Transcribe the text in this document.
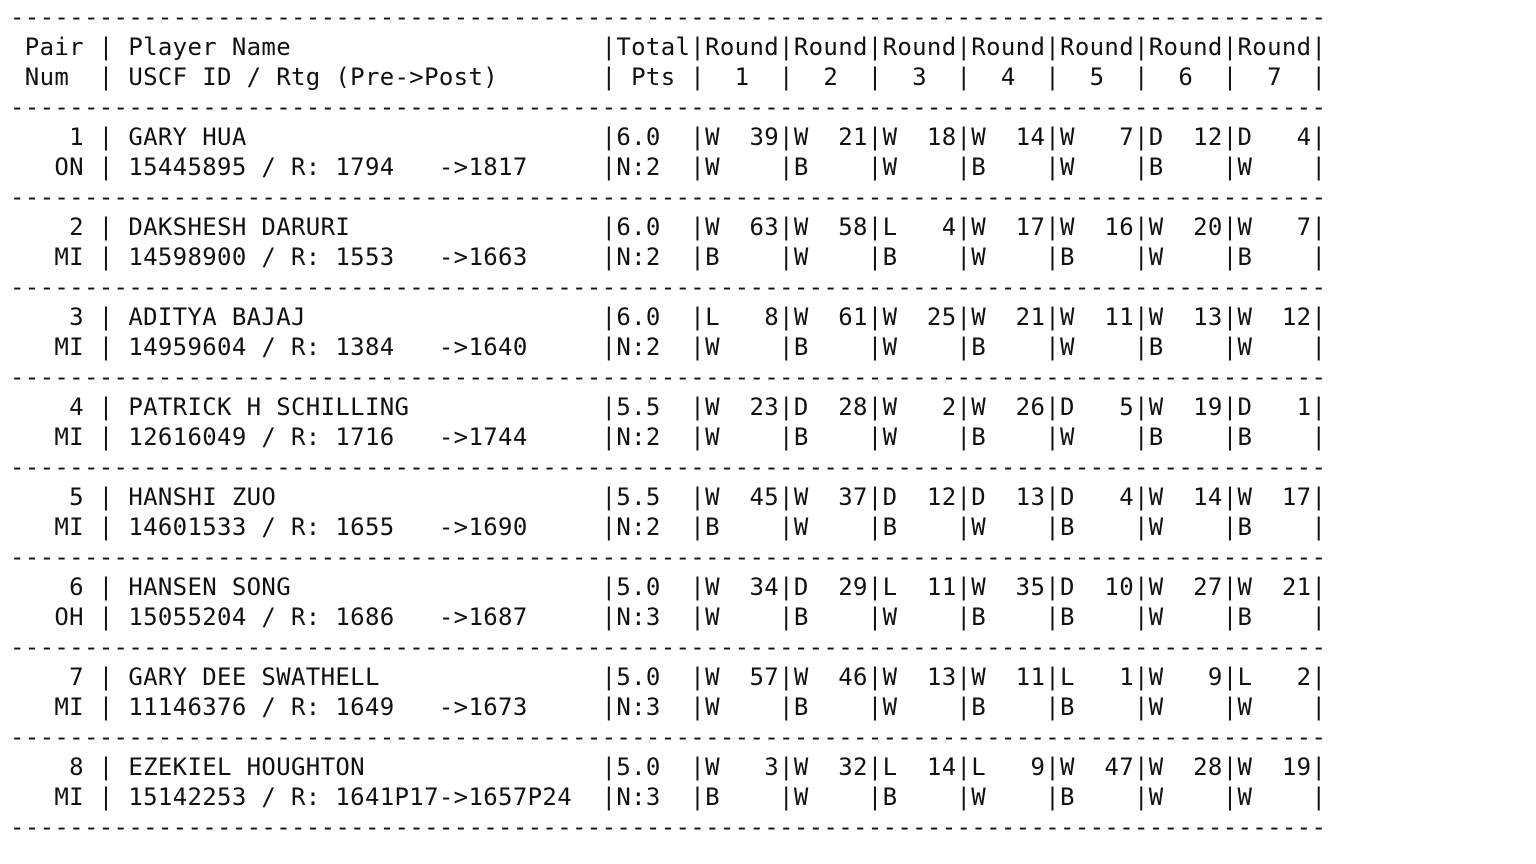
-----------------------------------------------------------------------------------------
Pair | Player Name                     |Total|Round|Round|Round|Round|Round|Round|Round|
Num  | USCF ID / Rtg (Pre->Post)       | Pts |  1  |  2  |  3  |  4  |  5  |  6  |  7  |
-----------------------------------------------------------------------------------------
1 | GARY HUA                        |6.0  |W  39|W  21|W  18|W  14|W   7|D  12|D   4|
ON | 15445895 / R: 1794   ->1817     |N:2  |W    |B    |W    |B    |W    |B    |W    |
-----------------------------------------------------------------------------------------
2 | DAKSHESH DARURI                 |6.0  |W  63|W  58|L   4|W  17|W  16|W  20|W   7|
MI | 14598900 / R: 1553   ->1663     |N:2  |B    |W    |B    |W    |B    |W    |B    |
-----------------------------------------------------------------------------------------
3 | ADITYA BAJAJ                    |6.0  |L   8|W  61|W  25|W  21|W  11|W  13|W  12|
MI | 14959604 / R: 1384   ->1640     |N:2  |W    |B    |W    |B    |W    |B    |W    |
-----------------------------------------------------------------------------------------
4 | PATRICK H SCHILLING             |5.5  |W  23|D  28|W   2|W  26|D   5|W  19|D   1|
MI | 12616049 / R: 1716   ->1744     |N:2  |W    |B    |W    |B    |W    |B    |B    |
-----------------------------------------------------------------------------------------
5 | HANSHI ZUO                      |5.5  |W  45|W  37|D  12|D  13|D   4|W  14|W  17|
MI | 14601533 / R: 1655   ->1690     |N:2  |B    |W    |B    |W    |B    |W    |B    |
-----------------------------------------------------------------------------------------
6 | HANSEN SONG                     |5.0  |W  34|D  29|L  11|W  35|D  10|W  27|W  21|
OH | 15055204 / R: 1686   ->1687     |N:3  |W    |B    |W    |B    |B    |W    |B    |
-----------------------------------------------------------------------------------------
7 | GARY DEE SWATHELL               |5.0  |W  57|W  46|W  13|W  11|L   1|W   9|L   2|
MI | 11146376 / R: 1649   ->1673     |N:3  |W    |B    |W    |B    |B    |W    |W    |
-----------------------------------------------------------------------------------------
8 | EZEKIEL HOUGHTON                |5.0  |W   3|W  32|L  14|L   9|W  47|W  28|W  19|
MI | 15142253 / R: 1641P17->1657P24  |N:3  |B    |W    |B    |W    |B    |W    |W    |
-----------------------------------------------------------------------------------------
